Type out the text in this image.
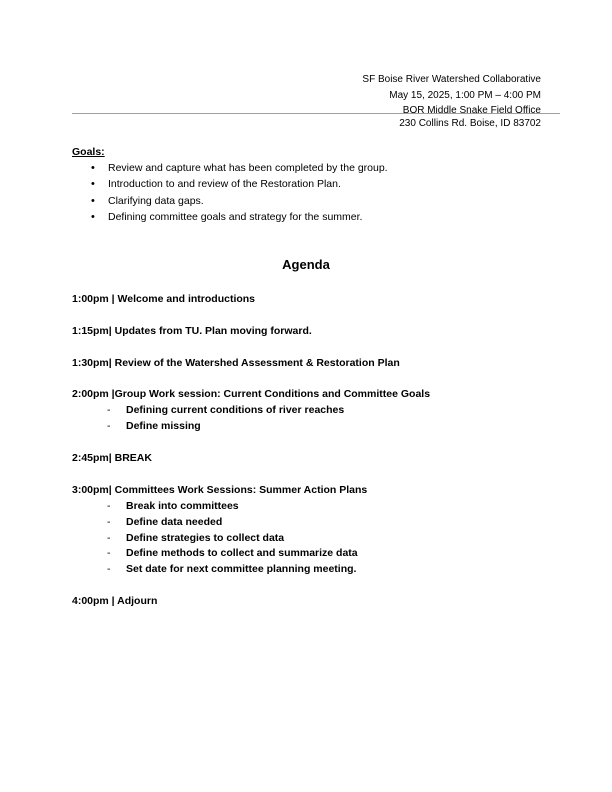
SF Boise River Watershed Collaborative
May 15, 2025, 1:00 PM – 4:00 PM
BOR Middle Snake Field Office
230 Collins Rd. Boise, ID 83702
Goals:
• Review and capture what has been completed by the group.
• Introduction to and review of the Restoration Plan.
• Clarifying data gaps.
• Defining committee goals and strategy for the summer.
Agenda
1:00pm | Welcome and introductions
1:15pm| Updates from TU. Plan moving forward.
1:30pm| Review of the Watershed Assessment & Restoration Plan
2:00pm |Group Work session: Current Conditions and Committee Goals
- Defining current conditions of river reaches
- Define missing
2:45pm| BREAK
3:00pm| Committees Work Sessions: Summer Action Plans
- Break into committees
- Define data needed
- Define strategies to collect data
- Define methods to collect and summarize data
- Set date for next committee planning meeting.
4:00pm | Adjourn
